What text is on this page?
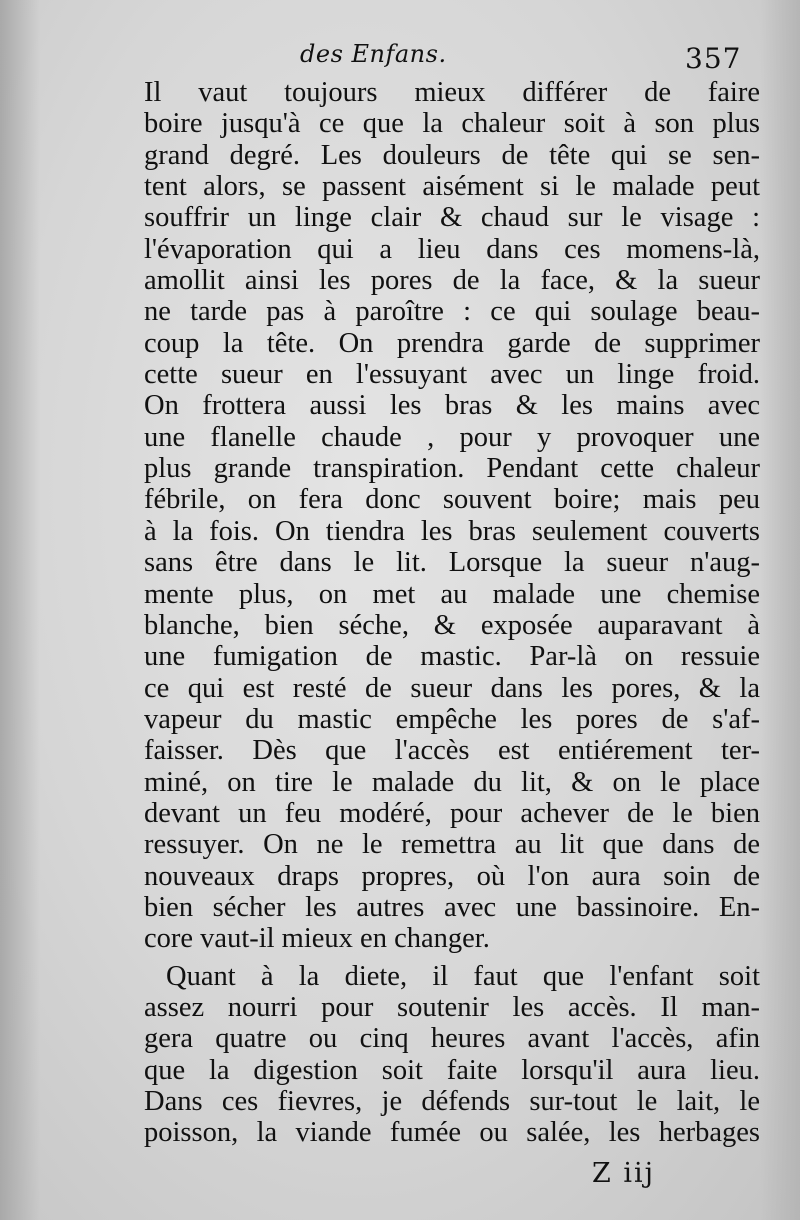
des Enfans.	357
Il vaut toujours mieux différer de faire
boire jusqu'à ce que la chaleur soit à son plus
grand degré. Les douleurs de tête qui se sen-
tent alors, se passent aisément si le malade peut
souffrir un linge clair & chaud sur le visage :
l'évaporation qui a lieu dans ces momens-là,
amollit ainsi les pores de la face, & la sueur
ne tarde pas à paroître : ce qui soulage beau-
coup la tête. On prendra garde de supprimer
cette sueur en l'essuyant avec un linge froid.
On frottera aussi les bras & les mains avec
une flanelle chaude , pour y provoquer une
plus grande transpiration. Pendant cette chaleur
fébrile, on fera donc souvent boire; mais peu
à la fois. On tiendra les bras seulement couverts
sans être dans le lit. Lorsque la sueur n'aug-
mente plus, on met au malade une chemise
blanche, bien séche, & exposée auparavant à
une fumigation de mastic. Par-là on ressuie
ce qui est resté de sueur dans les pores, & la
vapeur du mastic empêche les pores de s'af-
faisser. Dès que l'accès est entiérement ter-
miné, on tire le malade du lit, & on le place
devant un feu modéré, pour achever de le bien
ressuyer. On ne le remettra au lit que dans de
nouveaux draps propres, où l'on aura soin de
bien sécher les autres avec une bassinoire. En-
core vaut-il mieux en changer.
Quant à la diete, il faut que l'enfant soit
assez nourri pour soutenir les accès. Il man-
gera quatre ou cinq heures avant l'accès, afin
que la digestion soit faite lorsqu'il aura lieu.
Dans ces fievres, je défends sur-tout le lait, le
poisson, la viande fumée ou salée, les herbages
Z iij
